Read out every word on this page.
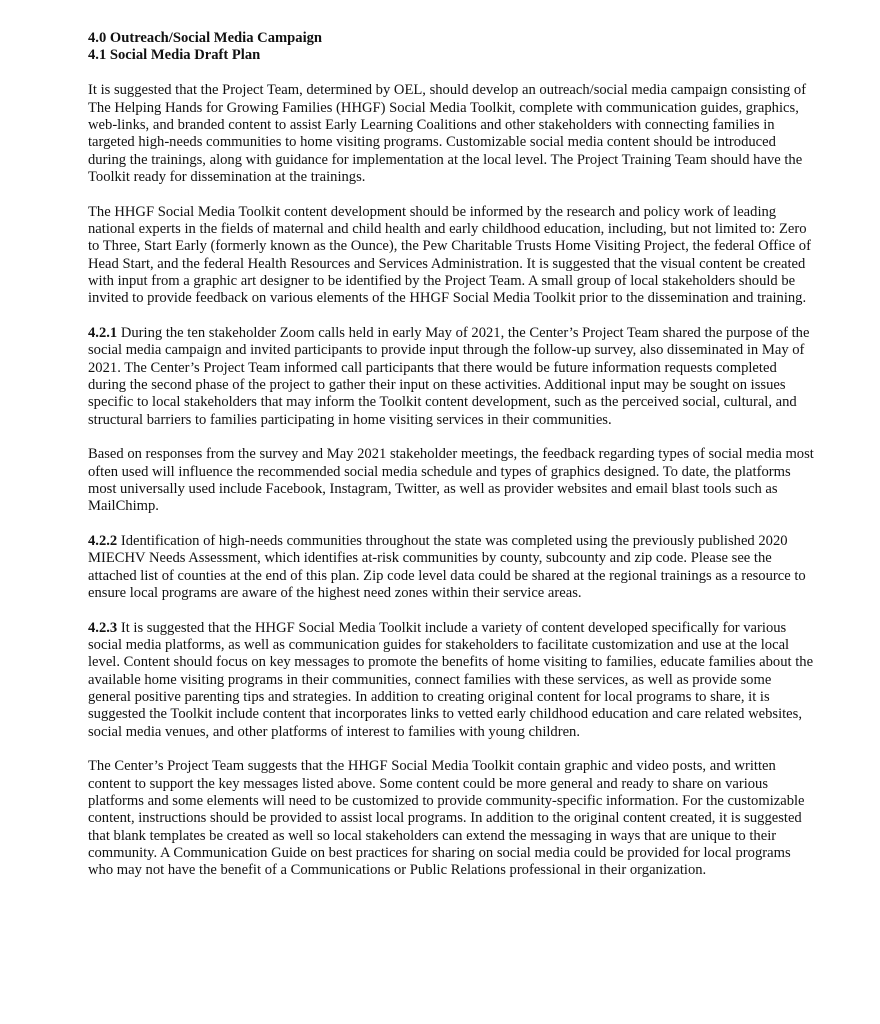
4.0 Outreach/Social Media Campaign

4.1 Social Media Draft Plan

It is suggested that the Project Team, determined by OEL, should develop an outreach/social media campaign consisting of The Helping Hands for Growing Families (HHGF) Social Media Toolkit, complete with communication guides, graphics, web-links, and branded content to assist Early Learning Coalitions and other stakeholders with connecting families in targeted high-needs communities to home visiting programs. Customizable social media content should be introduced during the trainings, along with guidance for implementation at the local level. The Project Training Team should have the Toolkit ready for dissemination at the trainings.

The HHGF Social Media Toolkit content development should be informed by the research and policy work of leading national experts in the fields of maternal and child health and early childhood education, including, but not limited to: Zero to Three, Start Early (formerly known as the Ounce), the Pew Charitable Trusts Home Visiting Project, the federal Office of Head Start, and the federal Health Resources and Services Administration. It is suggested that the visual content be created with input from a graphic art designer to be identified by the Project Team. A small group of local stakeholders should be invited to provide feedback on various elements of the HHGF Social Media Toolkit prior to the dissemination and training.

4.2.1 During the ten stakeholder Zoom calls held in early May of 2021, the Center’s Project Team shared the purpose of the social media campaign and invited participants to provide input through the follow-up survey, also disseminated in May of 2021. The Center’s Project Team informed call participants that there would be future information requests completed during the second phase of the project to gather their input on these activities. Additional input may be sought on issues specific to local stakeholders that may inform the Toolkit content development, such as the perceived social, cultural, and structural barriers to families participating in home visiting services in their communities.

Based on responses from the survey and May 2021 stakeholder meetings, the feedback regarding types of social media most often used will influence the recommended social media schedule and types of graphics designed. To date, the platforms most universally used include Facebook, Instagram, Twitter, as well as provider websites and email blast tools such as MailChimp.

4.2.2 Identification of high-needs communities throughout the state was completed using the previously published 2020 MIECHV Needs Assessment, which identifies at-risk communities by county, subcounty and zip code. Please see the attached list of counties at the end of this plan. Zip code level data could be shared at the regional trainings as a resource to ensure local programs are aware of the highest need zones within their service areas.

4.2.3 It is suggested that the HHGF Social Media Toolkit include a variety of content developed specifically for various social media platforms, as well as communication guides for stakeholders to facilitate customization and use at the local level. Content should focus on key messages to promote the benefits of home visiting to families, educate families about the available home visiting programs in their communities, connect families with these services, as well as provide some general positive parenting tips and strategies. In addition to creating original content for local programs to share, it is suggested the Toolkit include content that incorporates links to vetted early childhood education and care related websites, social media venues, and other platforms of interest to families with young children.

The Center’s Project Team suggests that the HHGF Social Media Toolkit contain graphic and video posts, and written content to support the key messages listed above. Some content could be more general and ready to share on various platforms and some elements will need to be customized to provide community-specific information. For the customizable content, instructions should be provided to assist local programs. In addition to the original content created, it is suggested that blank templates be created as well so local stakeholders can extend the messaging in ways that are unique to their community. A Communication Guide on best practices for sharing on social media could be provided for local programs who may not have the benefit of a Communications or Public Relations professional in their organization.
